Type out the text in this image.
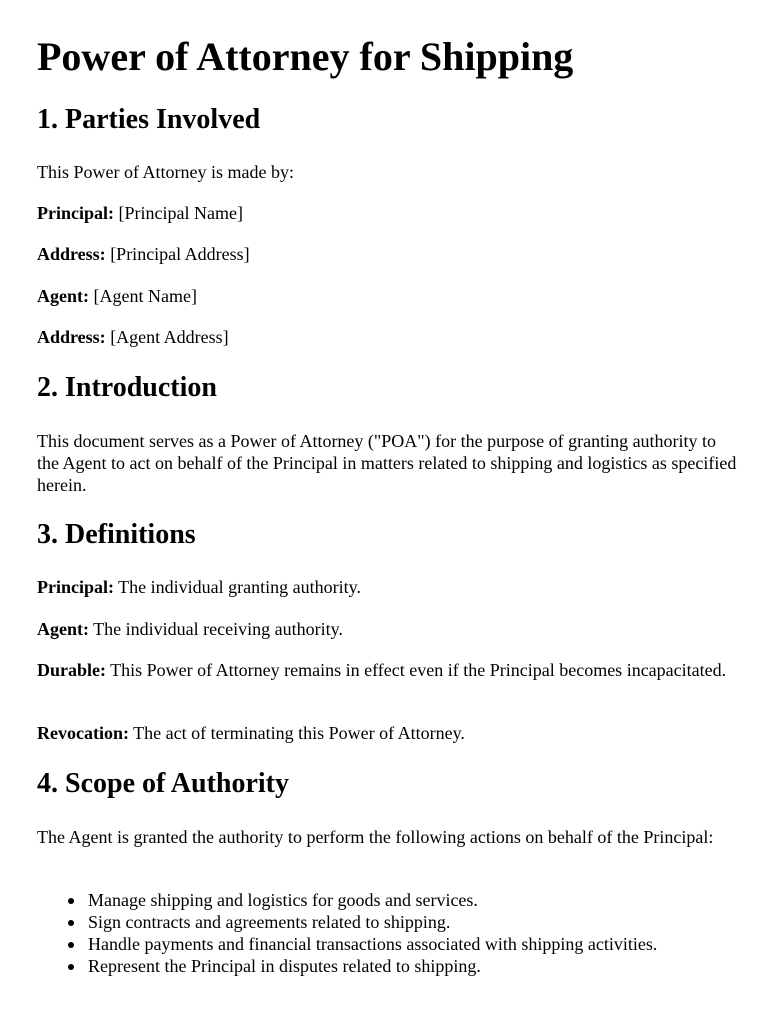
Power of Attorney for Shipping
1. Parties Involved

This Power of Attorney is made by:

Principal: [Principal Name]

Address: [Principal Address]

Agent: [Agent Name]

Address: [Agent Address]

2. Introduction

This document serves as a Power of Attorney ("POA") for the purpose of granting authority to the Agent to act on behalf of the Principal in matters related to shipping and logistics as specified herein.

3. Definitions

Principal: The individual granting authority.

Agent: The individual receiving authority.

Durable: This Power of Attorney remains in effect even if the Principal becomes incapacitated.

Revocation: The act of terminating this Power of Attorney.

4. Scope of Authority

The Agent is granted the authority to perform the following actions on behalf of the Principal:

Manage shipping and logistics for goods and services.
Sign contracts and agreements related to shipping.
Handle payments and financial transactions associated with shipping activities.
Represent the Principal in disputes related to shipping.
